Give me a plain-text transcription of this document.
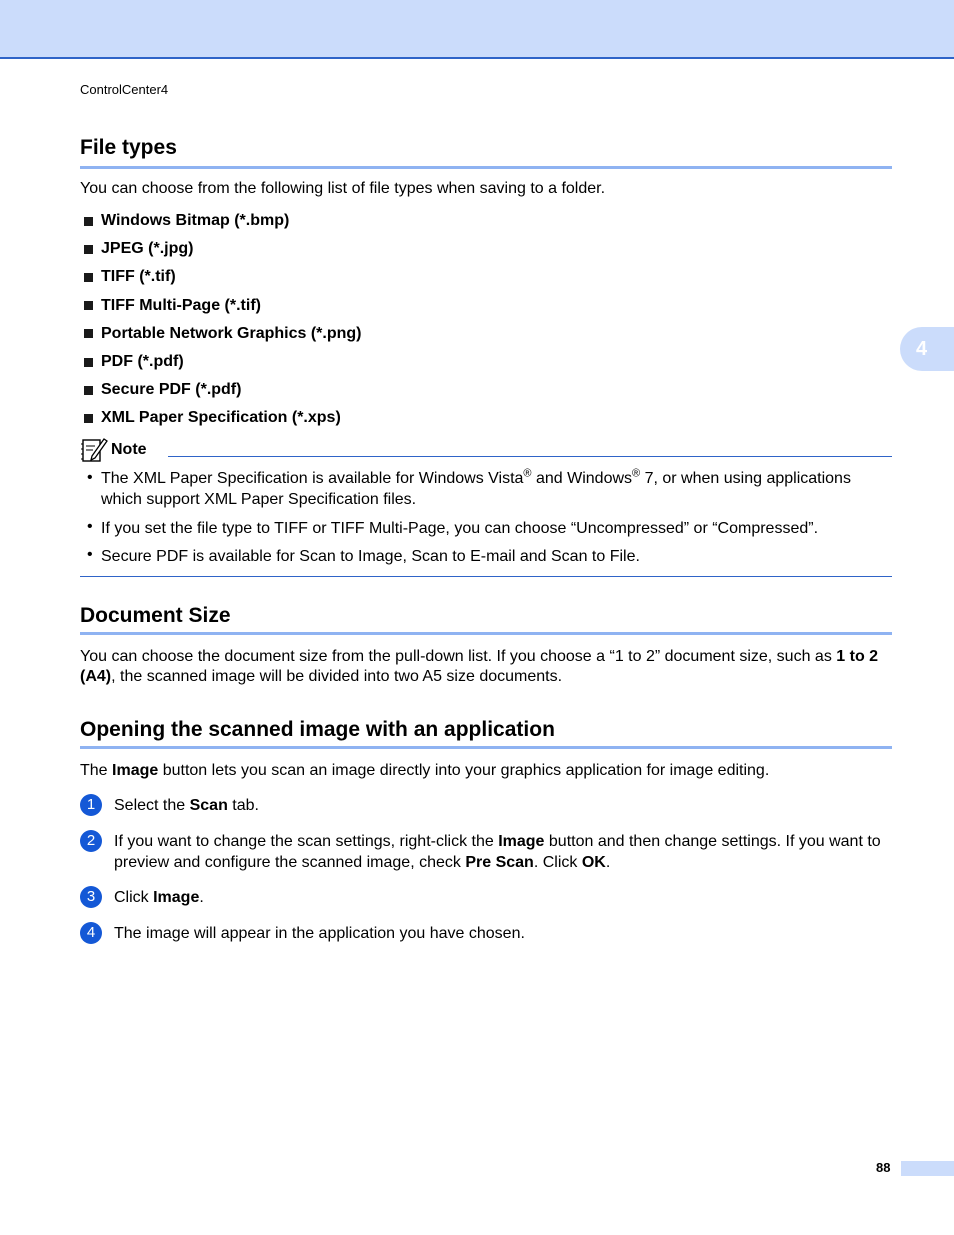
ControlCenter4
4
File types

You can choose from the following list of file types when saving to a folder.

Windows Bitmap (*.bmp)
JPEG (*.jpg)
TIFF (*.tif)
TIFF Multi-Page (*.tif)
Portable Network Graphics (*.png)
PDF (*.pdf)
Secure PDF (*.pdf)
XML Paper Specification (*.xps)
Note
• The XML Paper Specification is available for Windows Vista® and Windows® 7, or when using applications which support XML Paper Specification files.

• If you set the file type to TIFF or TIFF Multi-Page, you can choose “Uncompressed” or “Compressed”.

• Secure PDF is available for Scan to Image, Scan to E-mail and Scan to File.

Document Size

You can choose the document size from the pull-down list. If you choose a “1 to 2” document size, such as 1 to 2 (A4), the scanned image will be divided into two A5 size documents.

Opening the scanned image with an application

The Image button lets you scan an image directly into your graphics application for image editing.

1	Select the Scan tab.

2	If you want to change the scan settings, right-click the Image button and then change settings. If you want to preview and configure the scanned image, check Pre Scan. Click OK.

3	Click Image.

4	The image will appear in the application you have chosen.

88
